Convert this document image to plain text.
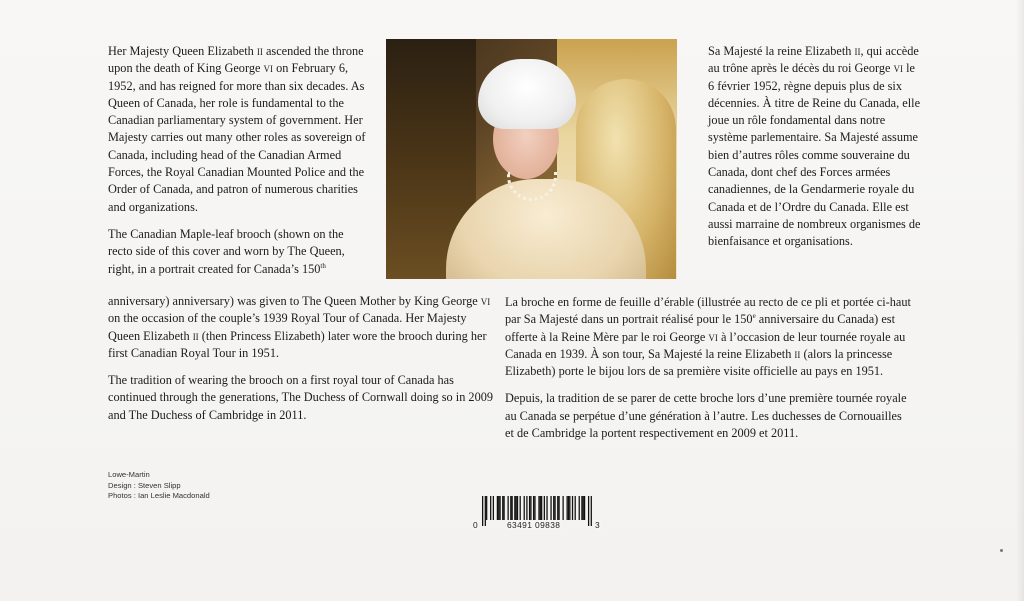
Her Majesty Queen Elizabeth ii ascended the throne upon the death of King George vi on February 6, 1952, and has reigned for more than six decades. As Queen of Canada, her role is fundamental to the Canadian parliamentary system of government. Her Majesty carries out many other roles as sovereign of Canada, including head of the Canadian Armed Forces, the Royal Canadian Mounted Police and the Order of Canada, and patron of numerous charities and organizations.

The Canadian Maple-leaf brooch (shown on the recto side of this cover and worn by The Queen, right, in a portrait created for Canada’s 150th

anniversary) anniversary) was given to The Queen Mother by King George vi on the occasion of the couple’s 1939 Royal Tour of Canada. Her Majesty Queen Elizabeth ii (then Princess Elizabeth) later wore the brooch during her first Canadian Royal Tour in 1951.

The tradition of wearing the brooch on a first royal tour of Canada has continued through the generations, The Duchess of Cornwall doing so in 2009 and The Duchess of Cambridge in 2011.

Sa Majesté la reine Elizabeth ii, qui accède au trône après le décès du roi George vi le 6 février 1952, règne depuis plus de six décennies. À titre de Reine du Canada, elle joue un rôle fondamental dans notre système parlementaire. Sa Majesté assume bien d’autres rôles comme souveraine du Canada, dont chef des Forces armées canadiennes, de la Gendarmerie royale du Canada et de l’Ordre du Canada. Elle est aussi marraine de nombreux organismes de bienfaisance et organisations.

La broche en forme de feuille d’érable (illustrée au recto de ce pli et portée ci-haut par Sa Majesté dans un portrait réalisé pour le 150e anniversaire du Canada) est offerte à la Reine Mère par le roi George vi à l’occasion de leur tournée royale au Canada en 1939. À son tour, Sa Majesté la reine Elizabeth ii (alors la princesse Elizabeth) porte le bijou lors de sa première visite officielle au pays en 1951.

Depuis, la tradition de se parer de cette broche lors d’une première tournée royale au Canada se perpétue d’une génération à l’autre. Les duchesses de Cornouailles et de Cambridge la portent respectivement en 2009 et 2011.

Lowe-Martin
Design : Steven Slipp
Photos : Ian Leslie Macdonald
0	63491 09838	3
